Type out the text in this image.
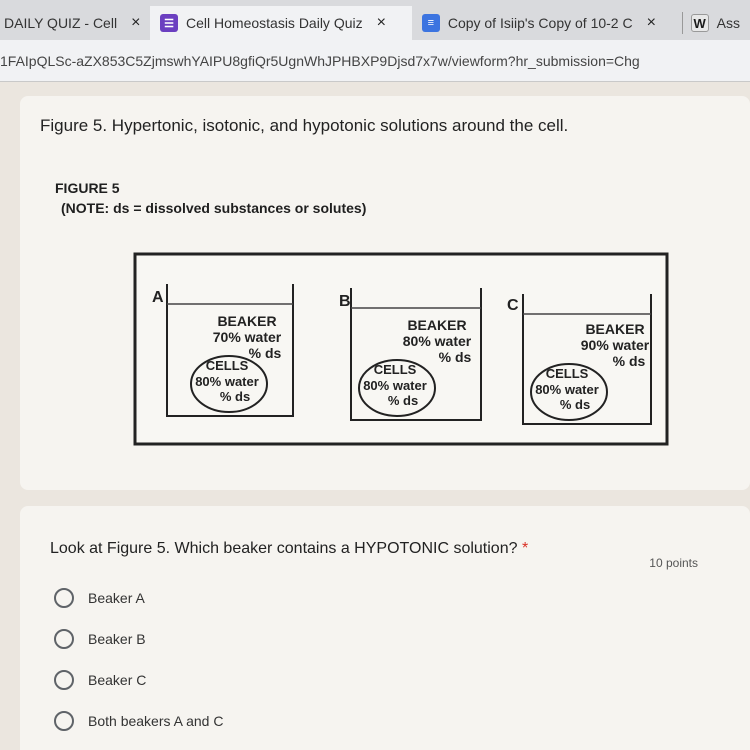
DAILY QUIZ - Cell ×	☰ Cell Homeostasis Daily Quiz ×	≡ Copy of Isiip's Copy of 10-2 C ×	W Ass
1FAIpQLSc-aZX853C5ZjmswhYAIPU8gfiQr5UgnWhJPHBXP9Djsd7x7w/viewform?hr_submission=Chg
Figure 5. Hypertonic, isotonic, and hypotonic solutions around the cell.
FIGURE 5
(NOTE: ds = dissolved substances or solutes)
A
BEAKER
70% water
% ds
CELLS
80% water
% ds
B
BEAKER
80% water
% ds
CELLS
80% water
% ds
C
BEAKER
90% water
% ds
CELLS
80% water
% ds
Look at Figure 5. Which beaker contains a HYPOTONIC solution? *
10 points
Beaker A
Beaker B
Beaker C
Both beakers A and C
